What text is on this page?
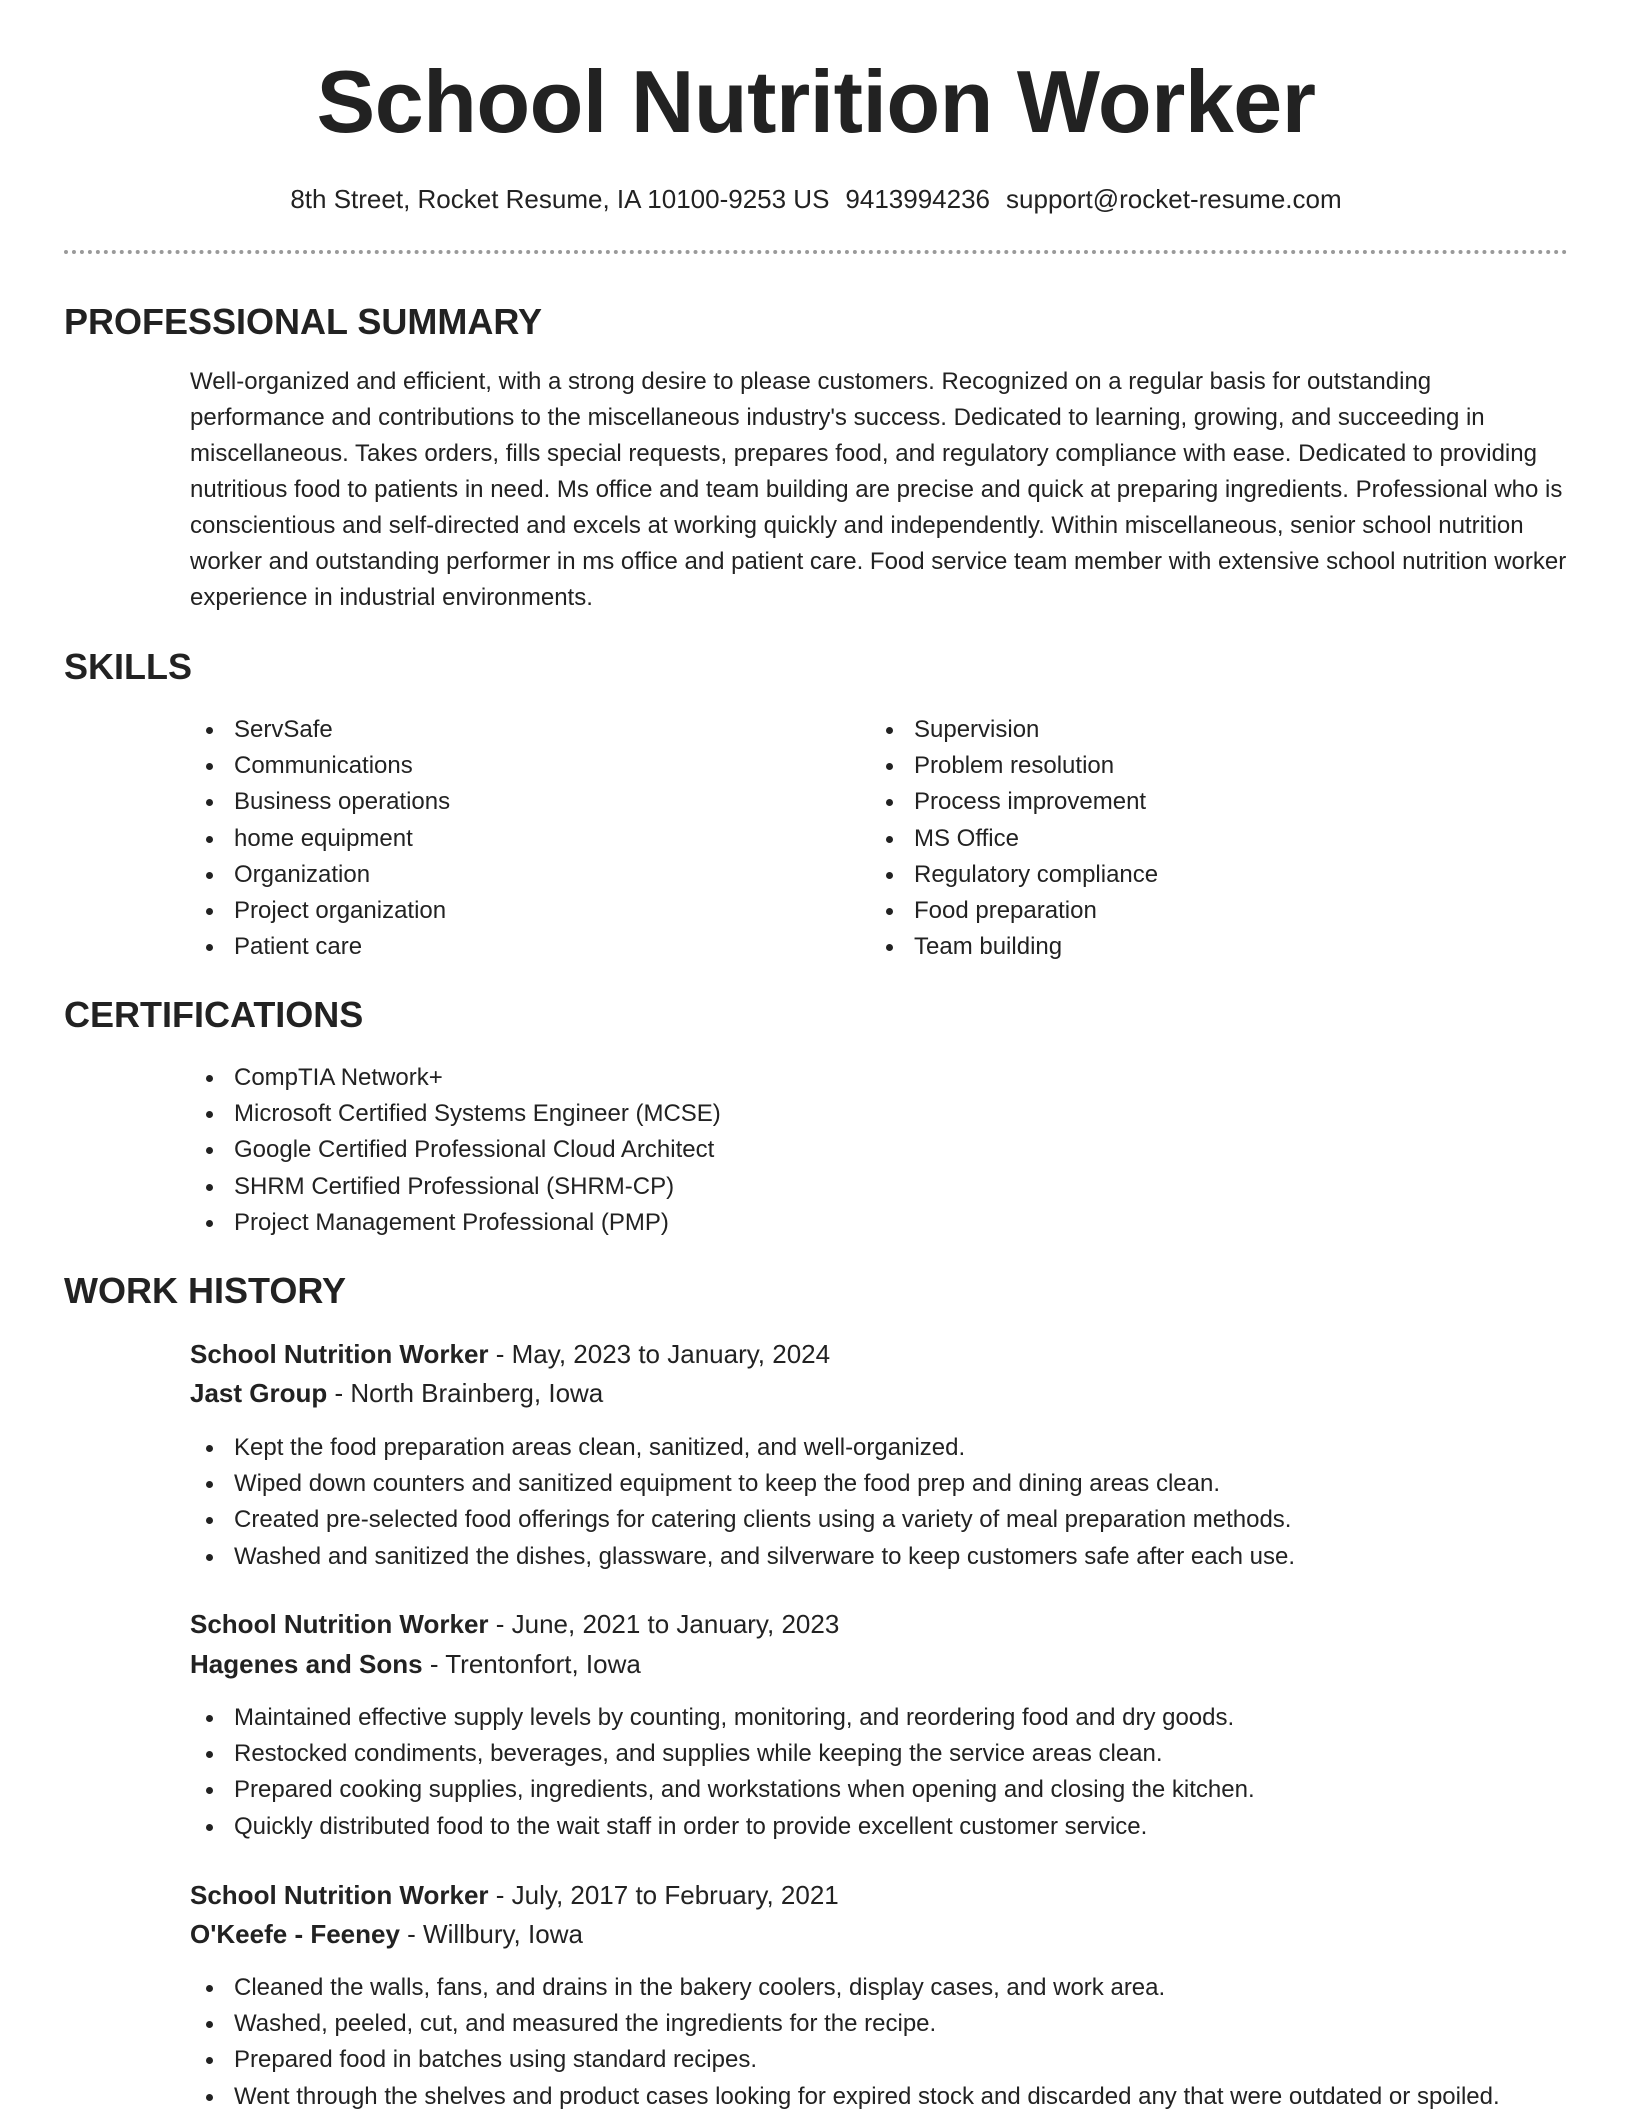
School Nutrition Worker
8th Street, Rocket Resume, IA 10100-9253 US 9413994236 support@rocket-resume.com
PROFESSIONAL SUMMARY
Well-organized and efficient, with a strong desire to please customers. Recognized on a regular basis for outstanding performance and contributions to the miscellaneous industry's success. Dedicated to learning, growing, and succeeding in miscellaneous. Takes orders, fills special requests, prepares food, and regulatory compliance with ease. Dedicated to providing nutritious food to patients in need. Ms office and team building are precise and quick at preparing ingredients. Professional who is conscientious and self-directed and excels at working quickly and independently. Within miscellaneous, senior school nutrition worker and outstanding performer in ms office and patient care. Food service team member with extensive school nutrition worker experience in industrial environments.
SKILLS
ServSafe
Communications
Business operations
home equipment
Organization
Project organization
Patient care
Supervision
Problem resolution
Process improvement
MS Office
Regulatory compliance
Food preparation
Team building
CERTIFICATIONS
CompTIA Network+
Microsoft Certified Systems Engineer (MCSE)
Google Certified Professional Cloud Architect
SHRM Certified Professional (SHRM-CP)
Project Management Professional (PMP)
WORK HISTORY
School Nutrition Worker - May, 2023 to January, 2024
Jast Group - North Brainberg, Iowa
Kept the food preparation areas clean, sanitized, and well-organized.
Wiped down counters and sanitized equipment to keep the food prep and dining areas clean.
Created pre-selected food offerings for catering clients using a variety of meal preparation methods.
Washed and sanitized the dishes, glassware, and silverware to keep customers safe after each use.
School Nutrition Worker - June, 2021 to January, 2023
Hagenes and Sons - Trentonfort, Iowa
Maintained effective supply levels by counting, monitoring, and reordering food and dry goods.
Restocked condiments, beverages, and supplies while keeping the service areas clean.
Prepared cooking supplies, ingredients, and workstations when opening and closing the kitchen.
Quickly distributed food to the wait staff in order to provide excellent customer service.
School Nutrition Worker - July, 2017 to February, 2021
O'Keefe - Feeney - Willbury, Iowa
Cleaned the walls, fans, and drains in the bakery coolers, display cases, and work area.
Washed, peeled, cut, and measured the ingredients for the recipe.
Prepared food in batches using standard recipes.
Went through the shelves and product cases looking for expired stock and discarded any that were outdated or spoiled.
